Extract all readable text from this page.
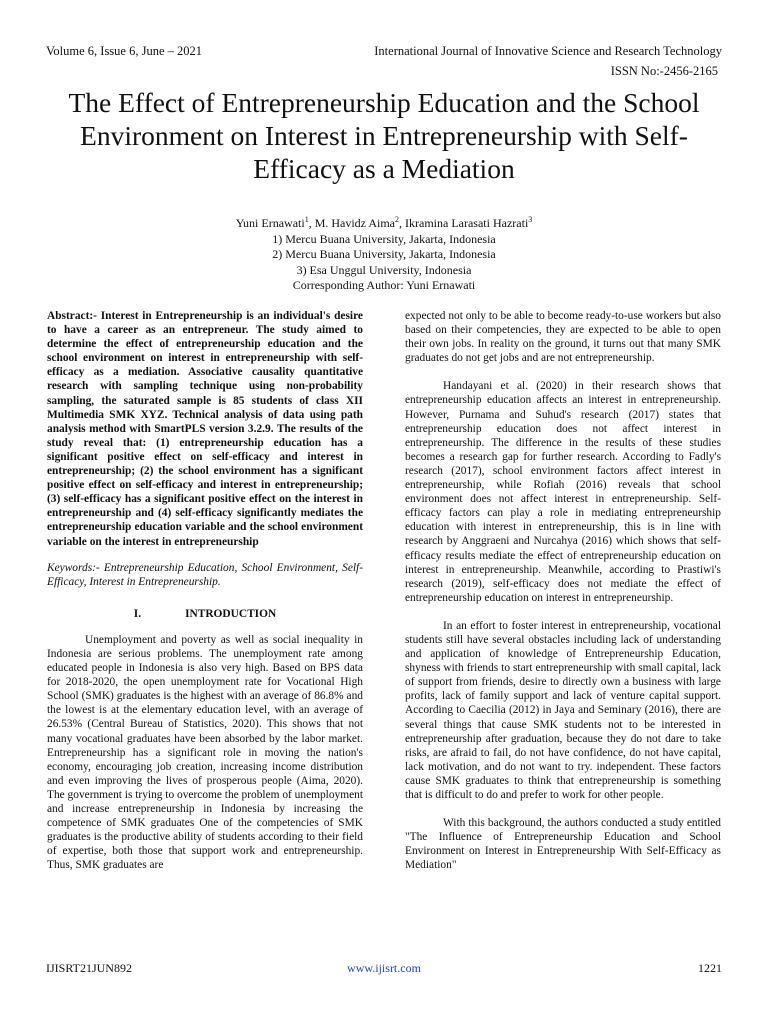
Volume 6, Issue 6, June – 2021	International Journal of Innovative Science and Research Technology
ISSN No:-2456-2165
The Effect of Entrepreneurship Education and the School Environment on Interest in Entrepreneurship with Self-Efficacy as a Mediation
Yuni Ernawati$^1$, M. Havidz Aima$^2$, Ikramina Larasati Hazrati$^3$
1) Mercu Buana University, Jakarta, Indonesia
2) Mercu Buana University, Jakarta, Indonesia
3) Esa Unggul University, Indonesia
Corresponding Author: Yuni Ernawati

Abstract:- Interest in Entrepreneurship is an individual's desire to have a career as an entrepreneur. The study aimed to determine the effect of entrepreneurship education and the school environment on interest in entrepreneurship with self-efficacy as a mediation. Associative causality quantitative research with sampling technique using non-probability sampling, the saturated sample is 85 students of class XII Multimedia SMK XYZ. Technical analysis of data using path analysis method with SmartPLS version 3.2.9. The results of the study reveal that: (1) entrepreneurship education has a significant positive effect on self-efficacy and interest in entrepreneurship; (2) the school environment has a significant positive effect on self-efficacy and interest in entrepreneurship; (3) self-efficacy has a significant positive effect on the interest in entrepreneurship and (4) self-efficacy significantly mediates the entrepreneurship education variable and the school environment variable on the interest in entrepreneurship

Keywords:- Entrepreneurship Education, School Environment, Self-Efficacy, Interest in Entrepreneurship.

I.	INTRODUCTION

Unemployment and poverty as well as social inequality in Indonesia are serious problems. The unemployment rate among educated people in Indonesia is also very high. Based on BPS data for 2018-2020, the open unemployment rate for Vocational High School (SMK) graduates is the highest with an average of 86.8% and the lowest is at the elementary education level, with an average of 26.53% (Central Bureau of Statistics, 2020). This shows that not many vocational graduates have been absorbed by the labor market. Entrepreneurship has a significant role in moving the nation's economy, encouraging job creation, increasing income distribution and even improving the lives of prosperous people (Aima, 2020). The government is trying to overcome the problem of unemployment and increase entrepreneurship in Indonesia by increasing the competence of SMK graduates One of the competencies of SMK graduates is the productive ability of students according to their field of expertise, both those that support work and entrepreneurship. Thus, SMK graduates are

expected not only to be able to become ready-to-use workers but also based on their competencies, they are expected to be able to open their own jobs. In reality on the ground, it turns out that many SMK graduates do not get jobs and are not entrepreneurship.

Handayani et al. (2020) in their research shows that entrepreneurship education affects an interest in entrepreneurship. However, Purnama and Suhud's research (2017) states that entrepreneurship education does not affect interest in entrepreneurship. The difference in the results of these studies becomes a research gap for further research. According to Fadly's research (2017), school environment factors affect interest in entrepreneurship, while Rofiah (2016) reveals that school environment does not affect interest in entrepreneurship. Self-efficacy factors can play a role in mediating entrepreneurship education with interest in entrepreneurship, this is in line with research by Anggraeni and Nurcahya (2016) which shows that self-efficacy results mediate the effect of entrepreneurship education on interest in entrepreneurship. Meanwhile, according to Prastiwi's research (2019), self-efficacy does not mediate the effect of entrepreneurship education on interest in entrepreneurship.

In an effort to foster interest in entrepreneurship, vocational students still have several obstacles including lack of understanding and application of knowledge of Entrepreneurship Education, shyness with friends to start entrepreneurship with small capital, lack of support from friends, desire to directly own a business with large profits, lack of family support and lack of venture capital support. According to Caecilia (2012) in Jaya and Seminary (2016), there are several things that cause SMK students not to be interested in entrepreneurship after graduation, because they do not dare to take risks, are afraid to fail, do not have confidence, do not have capital, lack motivation, and do not want to try. independent. These factors cause SMK graduates to think that entrepreneurship is something that is difficult to do and prefer to work for other people.

With this background, the authors conducted a study entitled "The Influence of Entrepreneurship Education and School Environment on Interest in Entrepreneurship With Self-Efficacy as Mediation"

IJISRT21JUN892	www.ijisrt.com	1221
